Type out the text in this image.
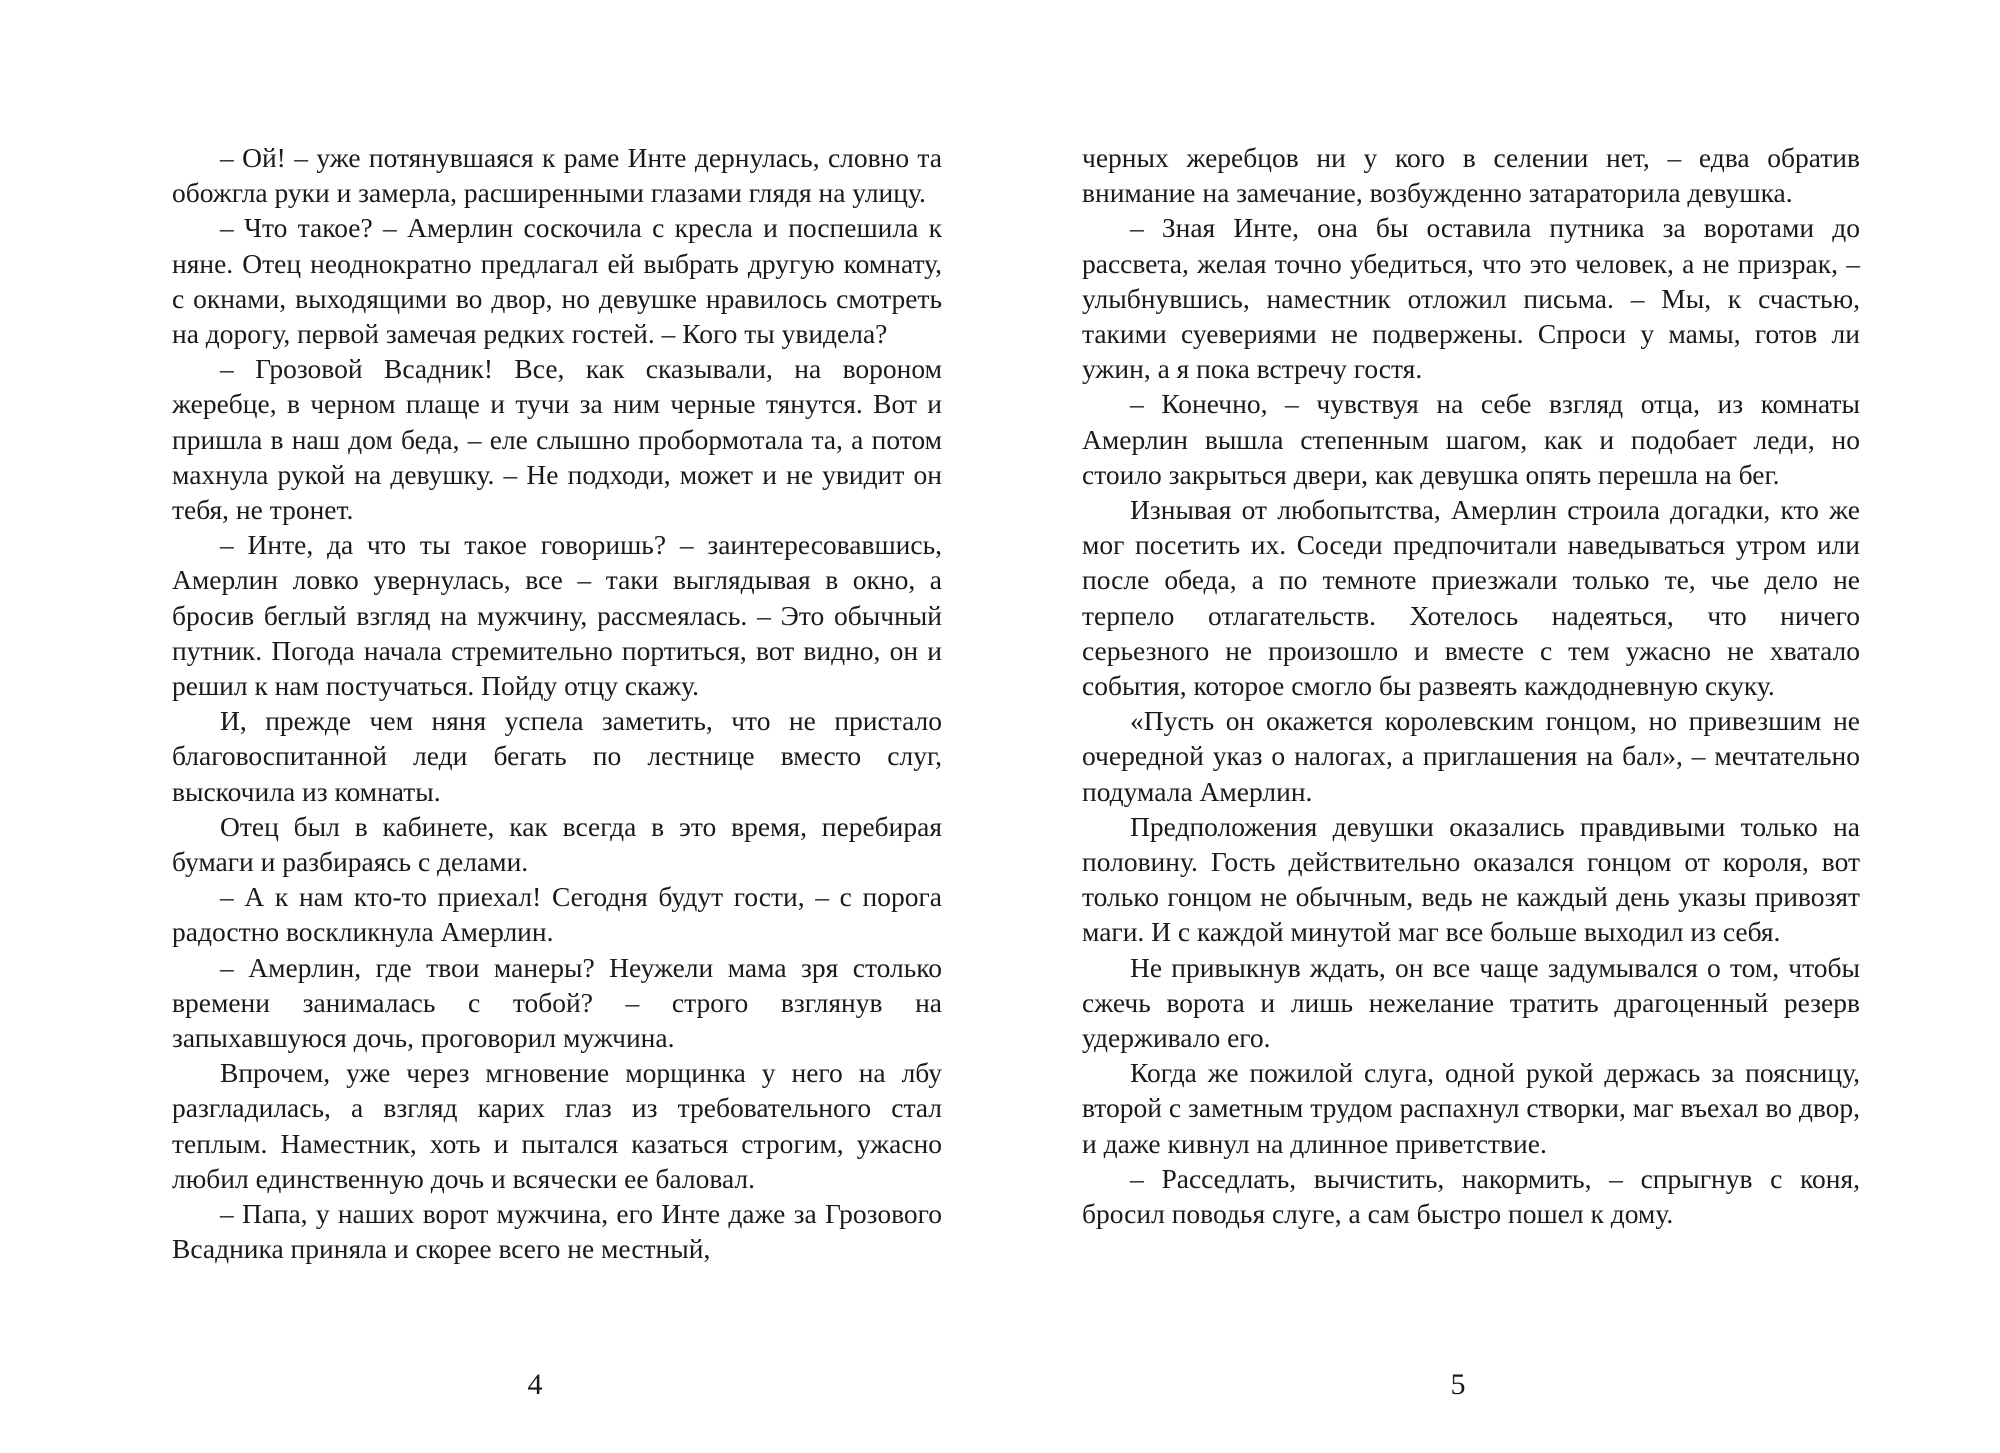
– Ой! – уже потянувшаяся к раме Инте дернулась, словно та обожгла руки и замерла, расширенными глазами глядя на улицу.

– Что такое? – Амерлин соскочила с кресла и поспешила к няне. Отец неоднократно предлагал ей выбрать другую комнату, с окнами, выходящими во двор, но девушке нравилось смотреть на дорогу, первой замечая редких гостей. – Кого ты увидела?

– Грозовой Всадник! Все, как сказывали, на вороном жеребце, в черном плаще и тучи за ним черные тянутся. Вот и пришла в наш дом беда, – еле слышно пробормотала та, а потом махнула рукой на девушку. – Не подходи, может и не увидит он тебя, не тронет.

– Инте, да что ты такое говоришь? – заинтересовавшись, Амерлин ловко увернулась, все – таки выглядывая в окно, а бросив беглый взгляд на мужчину, рассмеялась. – Это обычный путник. Погода начала стремительно портиться, вот видно, он и решил к нам постучаться. Пойду отцу скажу.

И, прежде чем няня успела заметить, что не пристало благовоспитанной леди бегать по лестнице вместо слуг, выскочила из комнаты.

Отец был в кабинете, как всегда в это время, перебирая бумаги и разбираясь с делами.

– А к нам кто-то приехал! Сегодня будут гости, – с порога радостно воскликнула Амерлин.

– Амерлин, где твои манеры? Неужели мама зря столько времени занималась с тобой? – строго взглянув на запыхавшуюся дочь, проговорил мужчина.

Впрочем, уже через мгновение морщинка у него на лбу разгладилась, а взгляд карих глаз из требовательного стал теплым. Наместник, хоть и пытался казаться строгим, ужасно любил единственную дочь и всячески ее баловал.

– Папа, у наших ворот мужчина, его Инте даже за Грозового Всадника приняла и скорее всего не местный,

4

черных жеребцов ни у кого в селении нет, – едва обратив внимание на замечание, возбужденно затараторила девушка.

– Зная Инте, она бы оставила путника за воротами до рассвета, желая точно убедиться, что это человек, а не призрак, – улыбнувшись, наместник отложил письма. – Мы, к счастью, такими суевериями не подвержены. Спроси у мамы, готов ли ужин, а я пока встречу гостя.

– Конечно, – чувствуя на себе взгляд отца, из комнаты Амерлин вышла степенным шагом, как и подобает леди, но стоило закрыться двери, как девушка опять перешла на бег.

Изнывая от любопытства, Амерлин строила догадки, кто же мог посетить их. Соседи предпочитали наведываться утром или после обеда, а по темноте приезжали только те, чье дело не терпело отлагательств. Хотелось надеяться, что ничего серьезного не произошло и вместе с тем ужасно не хватало события, которое смогло бы развеять каждодневную скуку.

«Пусть он окажется королевским гонцом, но привезшим не очередной указ о налогах, а приглашения на бал», – мечтательно подумала Амерлин.

Предположения девушки оказались правдивыми только на половину. Гость действительно оказался гонцом от короля, вот только гонцом не обычным, ведь не каждый день указы привозят маги. И с каждой минутой маг все больше выходил из себя.

Не привыкнув ждать, он все чаще задумывался о том, чтобы сжечь ворота и лишь нежелание тратить драгоценный резерв удерживало его.

Когда же пожилой слуга, одной рукой держась за поясницу, второй с заметным трудом распахнул створки, маг въехал во двор, и даже кивнул на длинное приветствие.

– Расседлать, вычистить, накормить, – спрыгнув с коня, бросил поводья слуге, а сам быстро пошел к дому.

5
